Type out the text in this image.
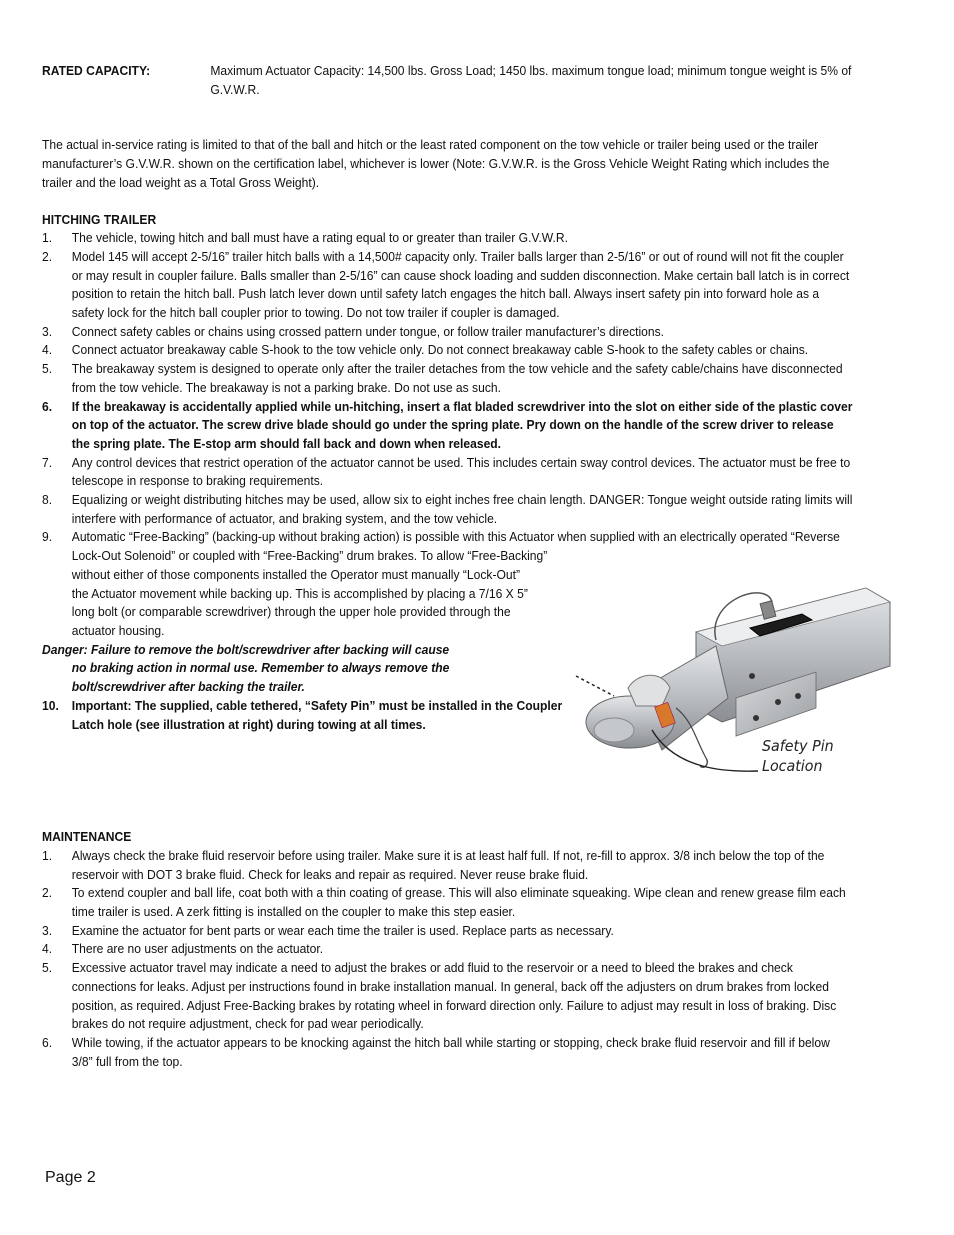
RATED CAPACITY:	Maximum Actuator Capacity: 14,500 lbs. Gross Load; 1450 lbs. maximum tongue load; minimum tongue weight is 5% of G.V.W.R.

The actual in-service rating is limited to that of the ball and hitch or the least rated component on the tow vehicle or trailer being used or the trailer manufacturer’s G.V.W.R. shown on the certification label, whichever is lower (Note: G.V.W.R. is the Gross Vehicle Weight Rating which includes the trailer and the load weight as a Total Gross Weight).

HITCHING TRAILER

1.	The vehicle, towing hitch and ball must have a rating equal to or greater than trailer G.V.W.R.
2.	Model 145 will accept 2-5/16” trailer hitch balls with a 14,500# capacity only. Trailer balls larger than 2-5/16” or out of round will not fit the coupler or may result in coupler failure. Balls smaller than 2-5/16” can cause shock loading and sudden disconnection. Make certain ball latch is in correct position to retain the hitch ball. Push latch lever down until safety latch engages the hitch ball. Always insert safety pin into forward hole as a safety lock for the hitch ball coupler prior to towing. Do not tow trailer if coupler is damaged.
3.	Connect safety cables or chains using crossed pattern under tongue, or follow trailer manufacturer’s directions.
4.	Connect actuator breakaway cable S-hook to the tow vehicle only. Do not connect breakaway cable S-hook to the safety cables or chains.
5.	The breakaway system is designed to operate only after the trailer detaches from the tow vehicle and the safety cable/chains have disconnected from the tow vehicle. The breakaway is not a parking brake. Do not use as such.
6.	If the breakaway is accidentally applied while un-hitching, insert a flat bladed screwdriver into the slot on either side of the plastic cover on top of the actuator. The screw drive blade should go under the spring plate. Pry down on the handle of the screw driver to release the spring plate. The E-stop arm should fall back and down when released.
7.	Any control devices that restrict operation of the actuator cannot be used. This includes certain sway control devices. The actuator must be free to telescope in response to braking requirements.
8.	Equalizing or weight distributing hitches may be used, allow six to eight inches free chain length. DANGER: Tongue weight outside rating limits will interfere with performance of actuator, and braking system, and the tow vehicle.
9.	Automatic “Free-Backing” (backing-up without braking action) is possible with this Actuator when supplied with an electrically operated “Reverse Lock-Out Solenoid” or coupled with “Free-Backing” drum brakes. To allow “Free-Backing”
without either of those components installed the Operator must manually “Lock-Out” the Actuator movement while backing up. This is accomplished by placing a 7/16 X 5” long bolt (or comparable screwdriver) through the upper hole provided through the actuator housing.
Danger: Failure to remove the bolt/screwdriver after backing will cause
no braking action in normal use. Remember to always remove the bolt/screwdriver after backing the trailer.
10. Important: The supplied, cable tethered, “Safety Pin” must be installed in the Coupler Latch hole (see illustration at right) during towing at all times.

MAINTENANCE

1.	Always check the brake fluid reservoir before using trailer. Make sure it is at least half full. If not, re-fill to approx. 3/8 inch below the top of the reservoir with DOT 3 brake fluid. Check for leaks and repair as required. Never reuse brake fluid.
2.	To extend coupler and ball life, coat both with a thin coating of grease. This will also eliminate squeaking. Wipe clean and renew grease film each time trailer is used. A zerk fitting is installed on the coupler to make this step easier.
3.	Examine the actuator for bent parts or wear each time the trailer is used. Replace parts as necessary.
4.	There are no user adjustments on the actuator.
5.	Excessive actuator travel may indicate a need to adjust the brakes or add fluid to the reservoir or a need to bleed the brakes and check connections for leaks. Adjust per instructions found in brake installation manual. In general, back off the adjusters on drum brakes from locked position, as required. Adjust Free-Backing brakes by rotating wheel in forward direction only. Failure to adjust may result in loss of braking. Disc brakes do not require adjustment, check for pad wear periodically.
6.	While towing, if the actuator appears to be knocking against the hitch ball while starting or stopping, check brake fluid reservoir and fill if below 3/8” full from the top.
Safety Pin
Location
Page 2
